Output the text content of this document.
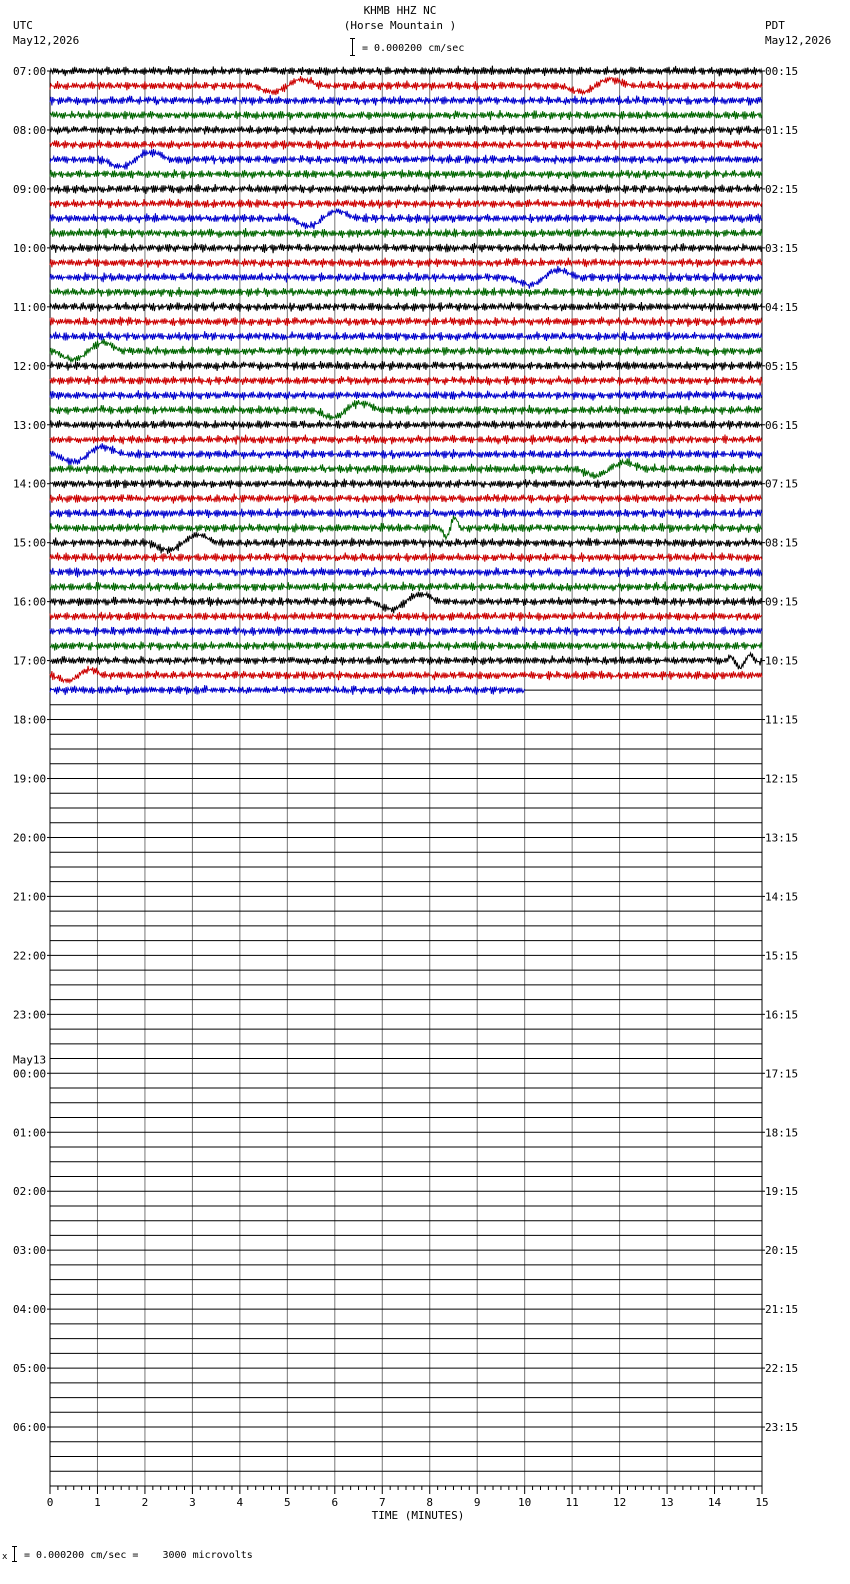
KHMB HHZ NC
(Horse Mountain )
= 0.000200 cm/sec
UTC
May12,2026
PDT
May12,2026
07:00	00:15
08:00	01:15
09:00	02:15
10:00	03:15
11:00	04:15
12:00	05:15
13:00	06:15
14:00	07:15
15:00	08:15
16:00	09:15
17:00	10:15
18:00	11:15
19:00	12:15
20:00	13:15
21:00	14:15
22:00	15:15
23:00	16:15
00:00	17:15
01:00	18:15
02:00	19:15
03:00	20:15
04:00	21:15
05:00	22:15
06:00	23:15
May13
0	1	2	3	4	5	6	7	8	9	10	11	12	13	14	15
TIME (MINUTES)
x = 0.000200 cm/sec =    3000 microvolts
